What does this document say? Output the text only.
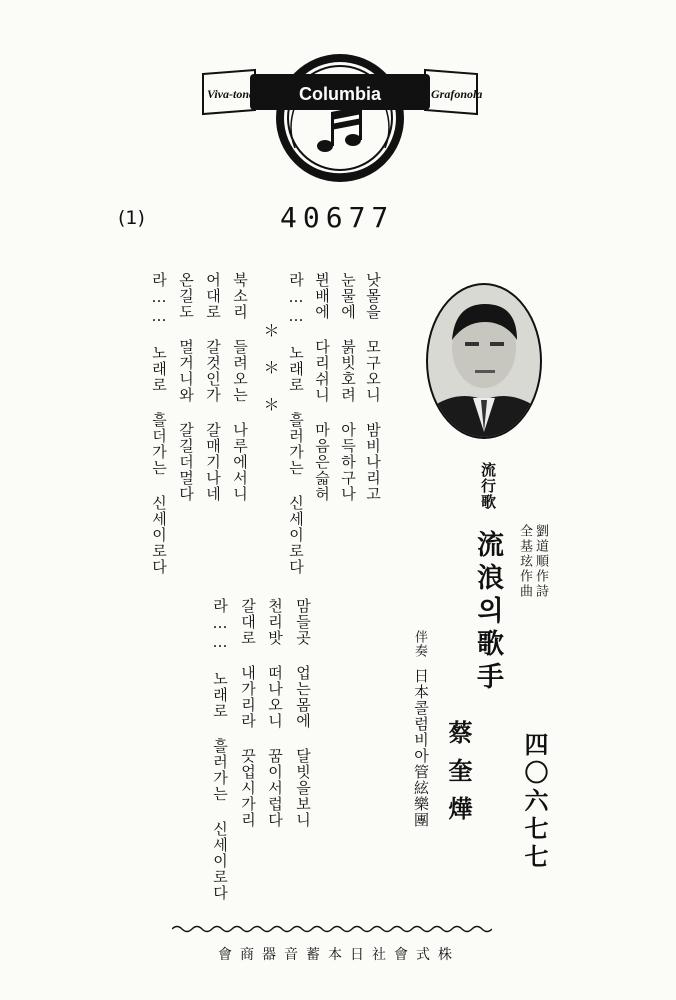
Viva-tonal Columbia	Grafonola
(1)	40677
낫몰을 모구오니 밤비나리고
눈물에 붉빗호려 아득하구나
뷘배에 다리쉬니 마음은슯허
라…… 노래로 흘러가는 신세이로다
＊ ＊ ＊
북소리 들려오는 나루에서니
어대로 갈것인가 갈매기나네
온길도 멀거니와 갈길더멀다
라…… 노래로 흘더가는 신세이로다
맘들곳 업는몸에 달빗을보니
천리밧 떠나오니 꿈이서럽다
갈대로 내가리라 끗업시가리
라…… 노래로 흘러가는 신세이로다
流行歌
流浪의歌手 劉道順作詩
全基玹作曲
四〇六七七
蔡奎燁
伴奏
日本콜럼비아管絃樂團
株式會社日本蓄音器商會
